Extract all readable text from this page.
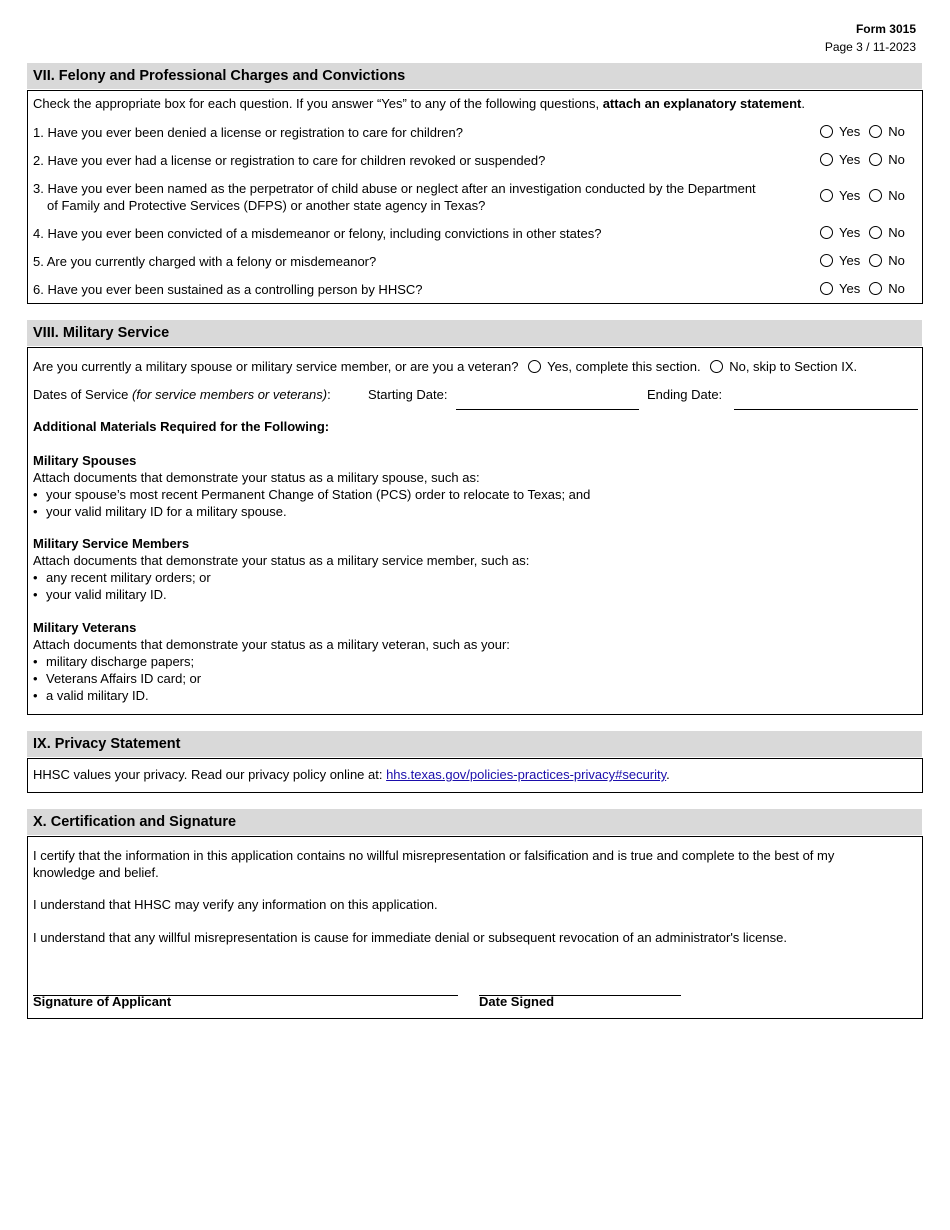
Form 3015
Page 3 / 11-2023
VII. Felony and Professional Charges and Convictions
Check the appropriate box for each question. If you answer “Yes” to any of the following questions, attach an explanatory statement.
1. Have you ever been denied a license or registration to care for children?	Yes No
2. Have you ever had a license or registration to care for children revoked or suspended?	Yes No
3. Have you ever been named as the perpetrator of child abuse or neglect after an investigation conducted by the Department
of Family and Protective Services (DFPS) or another state agency in Texas?
Yes No
4. Have you ever been convicted of a misdemeanor or felony, including convictions in other states?	Yes No
5. Are you currently charged with a felony or misdemeanor?	Yes No
6. Have you ever been sustained as a controlling person by HHSC?	Yes No
VIII. Military Service
Are you currently a military spouse or military service member, or are you a veteran? Yes, complete this section. No, skip to Section IX.
Dates of Service (for service members or veterans):	Starting Date:	Ending Date:
Additional Materials Required for the Following:
Military Spouses
Attach documents that demonstrate your status as a military spouse, such as:
• your spouse’s most recent Permanent Change of Station (PCS) order to relocate to Texas; and
• your valid military ID for a military spouse.
Military Service Members
Attach documents that demonstrate your status as a military service member, such as:
• any recent military orders; or
• your valid military ID.
Military Veterans
Attach documents that demonstrate your status as a military veteran, such as your:
• military discharge papers;
• Veterans Affairs ID card; or
• a valid military ID.
IX. Privacy Statement
HHSC values your privacy. Read our privacy policy online at: hhs.texas.gov/policies-practices-privacy#security.
X. Certification and Signature
I certify that the information in this application contains no willful misrepresentation or falsification and is true and complete to the best of my
knowledge and belief.
I understand that HHSC may verify any information on this application.
I understand that any willful misrepresentation is cause for immediate denial or subsequent revocation of an administrator's license.
Signature of Applicant	Date Signed
